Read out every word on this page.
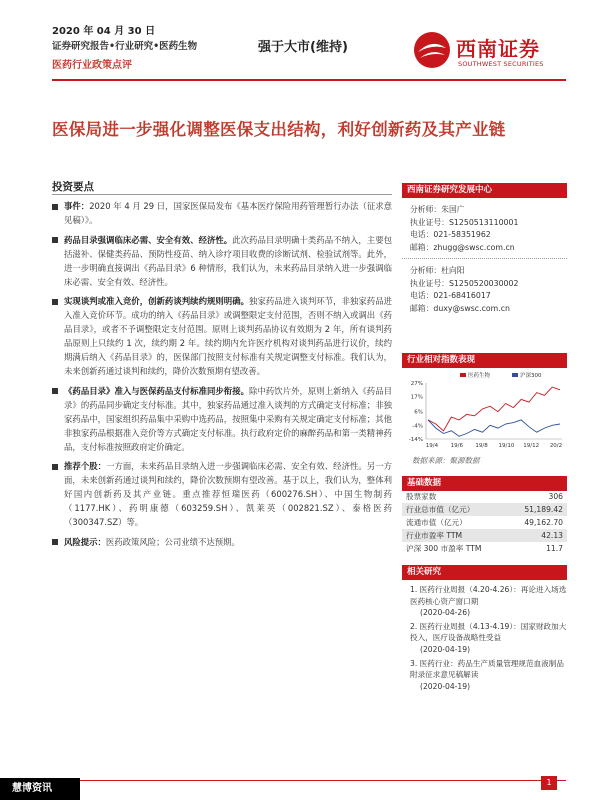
2020 年 04 月 30 日
证券研究报告•行业研究•医药生物
医药行业政策点评
强于大市(维持)	西南证券
SOUTHWEST SECURITIES
医保局进一步强化调整医保支出结构，利好创新药及其产业链
投资要点
事件：2020 年 4 月 29 日，国家医保局发布《基本医疗保险用药管理暂行办法（征求意见稿）》。
药品目录强调临床必需、安全有效、经济性。此次药品目录明确十类药品不纳入，主要包括滋补、保健类药品、预防性疫苗、纳入诊疗项目收费的诊断试剂、检验试剂等。此外，进一步明确直接调出《药品目录》6 种情形，我们认为，未来药品目录纳入进一步强调临床必需、安全有效、经济性。
实现谈判或准入竞价，创新药谈判续约规则明确。独家药品进入谈判环节，非独家药品进入准入竞价环节。成功的纳入《药品目录》或调整限定支付范围，否则不纳入或调出《药品目录》，或者不予调整限定支付范围。原则上谈判药品协议有效期为 2 年，所有谈判药品原则上只续约 1 次，续约期 2 年。续约期内允许医疗机构对谈判药品进行议价，续约期满后纳入《药品目录》的，医保部门按照支付标准有关规定调整支付标准。我们认为，未来创新药通过谈判和续约，降价次数预期有望改善。
《药品目录》准入与医保药品支付标准同步衔接。除中药饮片外，原则上新纳入《药品目录》的药品同步确定支付标准。其中，独家药品通过准入谈判的方式确定支付标准；非独家药品中，国家组织药品集中采购中选药品，按照集中采购有关规定确定支付标准；其他非独家药品根据准入竞价等方式确定支付标准。执行政府定价的麻醉药品和第一类精神药品，支付标准按照政府定价确定。
推荐个股：一方面，未来药品目录纳入进一步强调临床必需、安全有效、经济性。另一方面，未来创新药通过谈判和续约，降价次数预期有望改善。基于以上，我们认为，整体利好国内创新药及其产业链。重点推荐恒瑞医药（600276.SH）、中国生物制药（1177.HK）、药明康德（603259.SH）、凯莱英（002821.SZ）、泰格医药（300347.SZ）等。
风险提示：医药政策风险；公司业绩不达预期。
西南证券研究发展中心
分析师：朱国广
执业证号：S1250513110001
电话：021-58351962
邮箱：zhugg@swsc.com.cn
分析师：杜向阳
执业证号：S1250520030002
电话：021-68416017
邮箱：duxy@swsc.com.cn
行业相对指数表现
27%
17%
6%
-4%
-14%
19/4 19/6 19/8 19/10 19/12 20/2
医药生物	沪深300
数据来源：聚源数据
基础数据
股票家数	306
行业总市值（亿元）	51,189.42
流通市值（亿元）	49,162.70
行业市盈率 TTM	42.13
沪深 300 市盈率 TTM	11.7
相关研究
1. 医药行业周报（4.20-4.26）：再论进入场选医药核心资产窗口期
(2020-04-26)
2. 医药行业周报（4.13-4.19）：国家财政加大投入，医疗设备战略性受益
(2020-04-19)
3. 医药行业：药品生产质量管理规范血液制品附录征求意见稿解读
(2020-04-19)
慧博资讯
1
